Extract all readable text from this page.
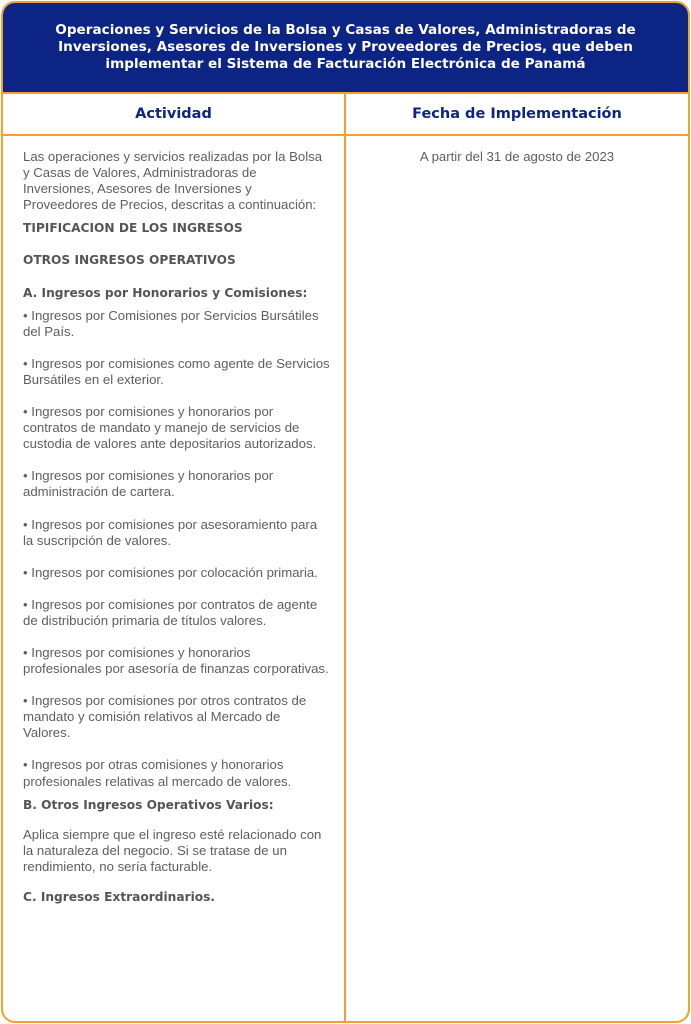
Operaciones y Servicios de la Bolsa y Casas de Valores, Administradoras de Inversiones, Asesores de Inversiones y Proveedores de Precios, que deben implementar el Sistema de Facturación Electrónica de Panamá
Actividad	Fecha de Implementación

Las operaciones y servicios realizadas por la Bolsa y Casas de Valores, Administradoras de Inversiones, Asesores de Inversiones y Proveedores de Precios, descritas a continuación:

TIPIFICACION DE LOS INGRESOS

OTROS INGRESOS OPERATIVOS

A. Ingresos por Honorarios y Comisiones:

• Ingresos por Comisiones por Servicios Bursátiles del País.

• Ingresos por comisiones como agente de Servicios Bursátiles en el exterior.

• Ingresos por comisiones y honorarios por contratos de mandato y manejo de servicios de custodia de valores ante depositarios autorizados.

• Ingresos por comisiones y honorarios por administración de cartera.

• Ingresos por comisiones por asesoramiento para la suscripción de valores.

• Ingresos por comisiones por colocación primaria.

• Ingresos por comisiones por contratos de agente de distribución primaria de títulos valores.

• Ingresos por comisiones y honorarios profesionales por asesoría de finanzas corporativas.

• Ingresos por comisiones por otros contratos de mandato y comisión relativos al Mercado de Valores.

• Ingresos por otras comisiones y honorarios profesionales relativas al mercado de valores.

B. Otros Ingresos Operativos Varios:

Aplica siempre que el ingreso esté relacionado con la naturaleza del negocio. Si se tratase de un rendimiento, no sería facturable.

C. Ingresos Extraordinarios.

A partir del 31 de agosto de 2023
